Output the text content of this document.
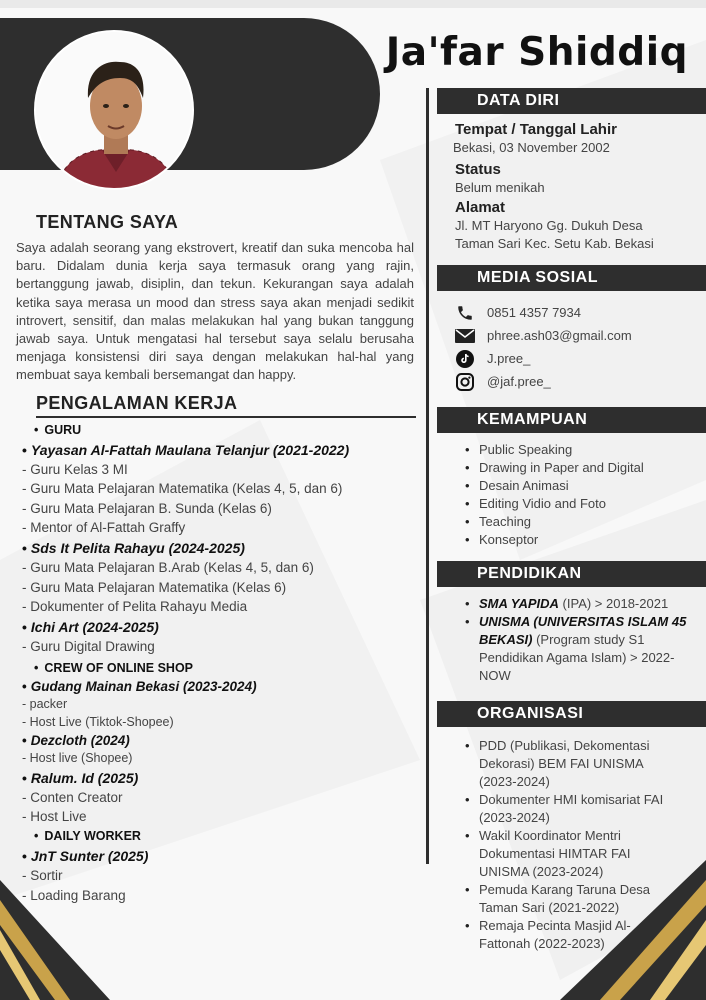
Ja'far Shiddiq
TENTANG SAYA
Saya adalah seorang yang ekstrovert, kreatif dan suka mencoba hal baru. Didalam dunia kerja saya termasuk orang yang rajin, bertanggung jawab, disiplin, dan tekun. Kekurangan saya adalah ketika saya merasa un mood dan stress saya akan menjadi sedikit introvert, sensitif, dan malas melakukan hal yang bukan tanggung jawab saya. Untuk mengatasi hal tersebut saya selalu berusaha menjaga konsistensi diri saya dengan melakukan hal-hal yang membuat saya kembali bersemangat dan happy.
PENGALAMAN KERJA
• GURU
• Yayasan Al-Fattah Maulana Telanjur (2021-2022)
- Guru Kelas 3 MI
- Guru Mata Pelajaran Matematika (Kelas 4, 5, dan 6)
- Guru Mata Pelajaran B. Sunda (Kelas 6)
- Mentor of Al-Fattah Graffy
• Sds It Pelita Rahayu (2024-2025)
- Guru Mata Pelajaran B.Arab (Kelas 4, 5, dan 6)
- Guru Mata Pelajaran Matematika (Kelas 6)
- Dokumenter of Pelita Rahayu Media
• Ichi Art (2024-2025)
- Guru Digital Drawing
• CREW OF ONLINE SHOP
• Gudang Mainan Bekasi (2023-2024)
- packer
- Host Live (Tiktok-Shopee)
• Dezcloth (2024)
- Host live (Shopee)
• Ralum. Id (2025)
- Conten Creator
- Host Live
• DAILY WORKER
• JnT Sunter (2025)
- Sortir
- Loading Barang
DATA DIRI
Tempat / Tanggal Lahir
Bekasi, 03 November 2002
Status
Belum menikah
Alamat
Jl. MT Haryono Gg. Dukuh Desa
Taman Sari Kec. Setu Kab. Bekasi
MEDIA SOSIAL
0851 4357 7934
phree.ash03@gmail.com
J.pree_
@jaf.pree_
KEMAMPUAN
• Public Speaking
• Drawing in Paper and Digital
• Desain Animasi
• Editing Vidio and Foto
• Teaching
• Konseptor
PENDIDIKAN
• SMA YAPIDA (IPA) > 2018-2021
• UNISMA (UNIVERSITAS ISLAM 45 BEKASI) (Program study S1 Pendidikan Agama Islam) > 2022-NOW
ORGANISASI
• PDD (Publikasi, Dekomentasi Dekorasi) BEM FAI UNISMA (2023-2024)
• Dokumenter HMI komisariat FAI (2023-2024)
• Wakil Koordinator Mentri Dokumentasi HIMTAR FAI UNISMA (2023-2024)
• Pemuda Karang Taruna Desa Taman Sari (2021-2022)
• Remaja Pecinta Masjid Al-Fattonah (2022-2023)
